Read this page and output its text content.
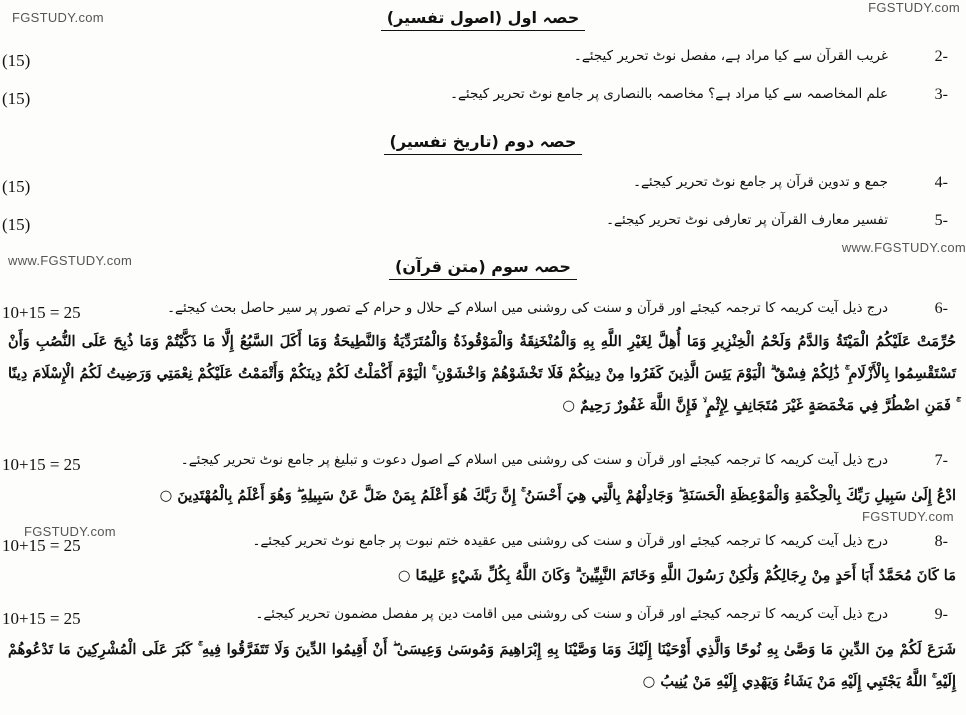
FGSTUDY.com
FGSTUDY.com
www.FGSTUDY.com
www.FGSTUDY.com
FGSTUDY.com
FGSTUDY.com
حصہ اول (اصول تفسیر)
2-
غریب القرآن سے کیا مراد ہے، مفصل نوٹ تحریر کیجئے۔
(15)
3-
علم المخاصمہ سے کیا مراد ہے؟ مخاصمہ بالنصاری پر جامع نوٹ تحریر کیجئے۔
(15)
حصہ دوم (تاریخ تفسیر)
4-
جمع و تدوین قرآن پر جامع نوٹ تحریر کیجئے۔
(15)
5-
تفسیر معارف القرآن پر تعارفی نوٹ تحریر کیجئے۔
(15)
حصہ سوم (متن قرآن)
6-
درج ذیل آیت کریمہ کا ترجمہ کیجئے اور قرآن و سنت کی روشنی میں اسلام کے حلال و حرام کے تصور پر سیر حاصل بحث کیجئے۔
10+15 = 25
حُرِّمَتْ عَلَيْكُمُ الْمَيْتَةُ وَالدَّمُ وَلَحْمُ الْخِنْزِيرِ وَمَا أُهِلَّ لِغَيْرِ اللَّهِ بِهِ وَالْمُنْخَنِقَةُ وَالْمَوْقُوذَةُ وَالْمُتَرَدِّيَةُ وَالنَّطِيحَةُ وَمَا أَكَلَ السَّبُعُ إِلَّا مَا ذَكَّيْتُمْ وَمَا ذُبِحَ عَلَى النُّصُبِ وَأَنْ تَسْتَقْسِمُوا بِالْأَزْلَامِ ۚ ذَٰلِكُمْ فِسْقٌ ۗ الْيَوْمَ يَئِسَ الَّذِينَ كَفَرُوا مِنْ دِينِكُمْ فَلَا تَخْشَوْهُمْ وَاخْشَوْنِ ۚ الْيَوْمَ أَكْمَلْتُ لَكُمْ دِينَكُمْ وَأَتْمَمْتُ عَلَيْكُمْ نِعْمَتِي وَرَضِيتُ لَكُمُ الْإِسْلَامَ دِينًا ۚ فَمَنِ اضْطُرَّ فِي مَخْمَصَةٍ غَيْرَ مُتَجَانِفٍ لِإِثْمٍ ۙ فَإِنَّ اللَّهَ غَفُورٌ رَحِيمٌ ○
7-
درج ذیل آیت کریمہ کا ترجمہ کیجئے اور قرآن و سنت کی روشنی میں اسلام کے اصول دعوت و تبلیغ پر جامع نوٹ تحریر کیجئے۔
10+15 = 25
ادْعُ إِلَىٰ سَبِيلِ رَبِّكَ بِالْحِكْمَةِ وَالْمَوْعِظَةِ الْحَسَنَةِ ۖ وَجَادِلْهُمْ بِالَّتِي هِيَ أَحْسَنُ ۚ إِنَّ رَبَّكَ هُوَ أَعْلَمُ بِمَنْ ضَلَّ عَنْ سَبِيلِهِ ۖ وَهُوَ أَعْلَمُ بِالْمُهْتَدِينَ ○
8-
درج ذیل آیت کریمہ کا ترجمہ کیجئے اور قرآن و سنت کی روشنی میں عقیدہ ختم نبوت پر جامع نوٹ تحریر کیجئے۔
10+15 = 25
مَا كَانَ مُحَمَّدٌ أَبَا أَحَدٍ مِنْ رِجَالِكُمْ وَلَٰكِنْ رَسُولَ اللَّهِ وَخَاتَمَ النَّبِيِّينَ ۗ وَكَانَ اللَّهُ بِكُلِّ شَيْءٍ عَلِيمًا ○
9-
درج ذیل آیت کریمہ کا ترجمہ کیجئے اور قرآن و سنت کی روشنی میں اقامت دین پر مفصل مضمون تحریر کیجئے۔
10+15 = 25
شَرَعَ لَكُمْ مِنَ الدِّينِ مَا وَصَّىٰ بِهِ نُوحًا وَالَّذِي أَوْحَيْنَا إِلَيْكَ وَمَا وَصَّيْنَا بِهِ إِبْرَاهِيمَ وَمُوسَىٰ وَعِيسَىٰ ۖ أَنْ أَقِيمُوا الدِّينَ وَلَا تَتَفَرَّقُوا فِيهِ ۚ كَبُرَ عَلَى الْمُشْرِكِينَ مَا تَدْعُوهُمْ إِلَيْهِ ۚ اللَّهُ يَجْتَبِي إِلَيْهِ مَنْ يَشَاءُ وَيَهْدِي إِلَيْهِ مَنْ يُنِيبُ ○
